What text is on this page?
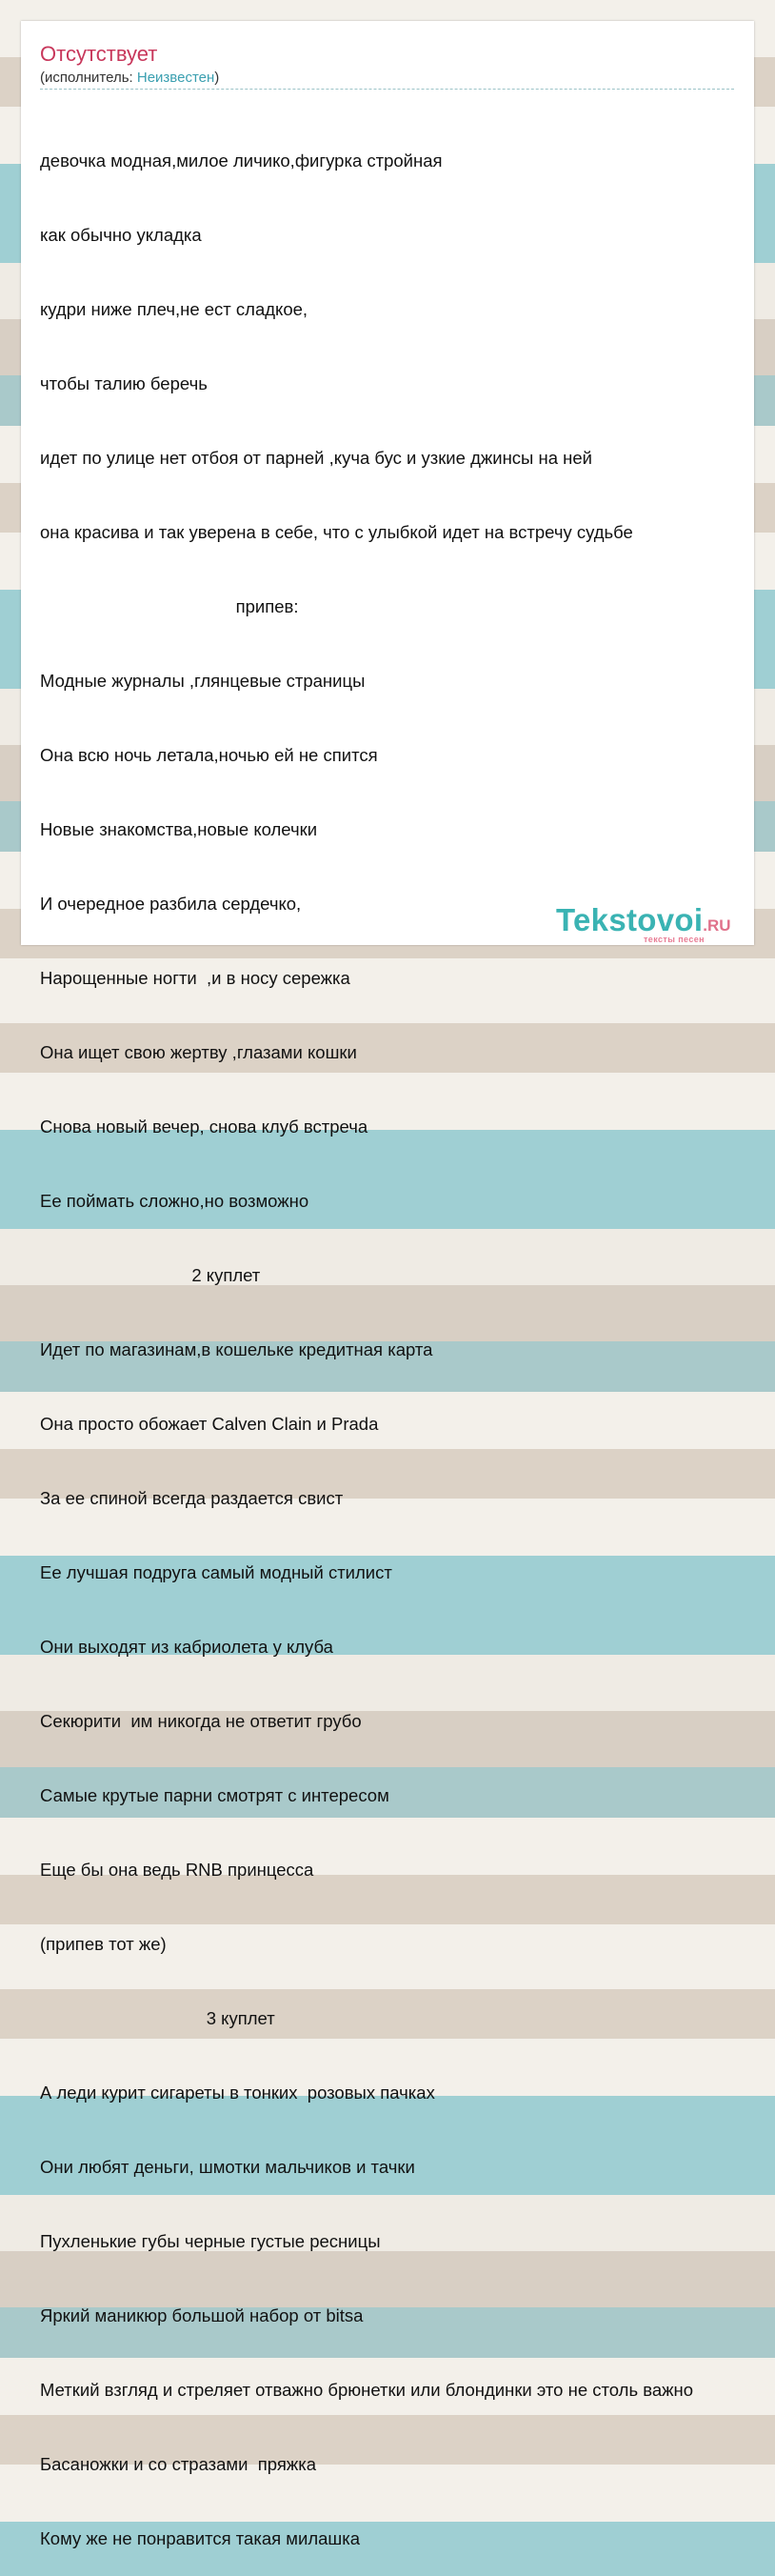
Отсутствует
(исполнитель: Неизвестен)

девочка модная,милое личико,фигурка стройная

как обычно укладка

кудри ниже плеч,не ест сладкое,

чтобы талию беречь

идет по улице нет отбоя от парней ,куча бус и узкие джинсы на ней

она красива и так уверена в себе, что с улыбкой идет на встречу судьбе

припев:

Модные журналы ,глянцевые страницы

Она всю ночь летала,ночью ей не спится

Новые знакомства,новые колечки

И очередное разбила сердечко,

Нарощенные ногти  ,и в носу сережка

Она ищет свою жертву ,глазами кошки

Снова новый вечер, снова клуб встреча

Ее поймать сложно,но возможно

2 куплет

Идет по магазинам,в кошельке кредитная карта

Она просто обожает Calven Clain и Prada

За ее спиной всегда раздается свист

Ее лучшая подруга самый модный стилист

Они выходят из кабриолета у клуба

Секюрити  им никогда не ответит грубо

Самые крутые парни смотрят с интересом

Еще бы она ведь RNB принцесса

(припев тот же)

3 куплет

А леди курит сигареты в тонких  розовых пачках

Они любят деньги, шмотки мальчиков и тачки

Пухленькие губы черные густые ресницы

Яркий маникюр большой набор от bitsa

Меткий взгляд и стреляет отважно брюнетки или блондинки это не столь важно

Басаножки и со стразами  пряжка

Кому же не понравится такая милашка

Tekstovoi.RU
тексты песен
